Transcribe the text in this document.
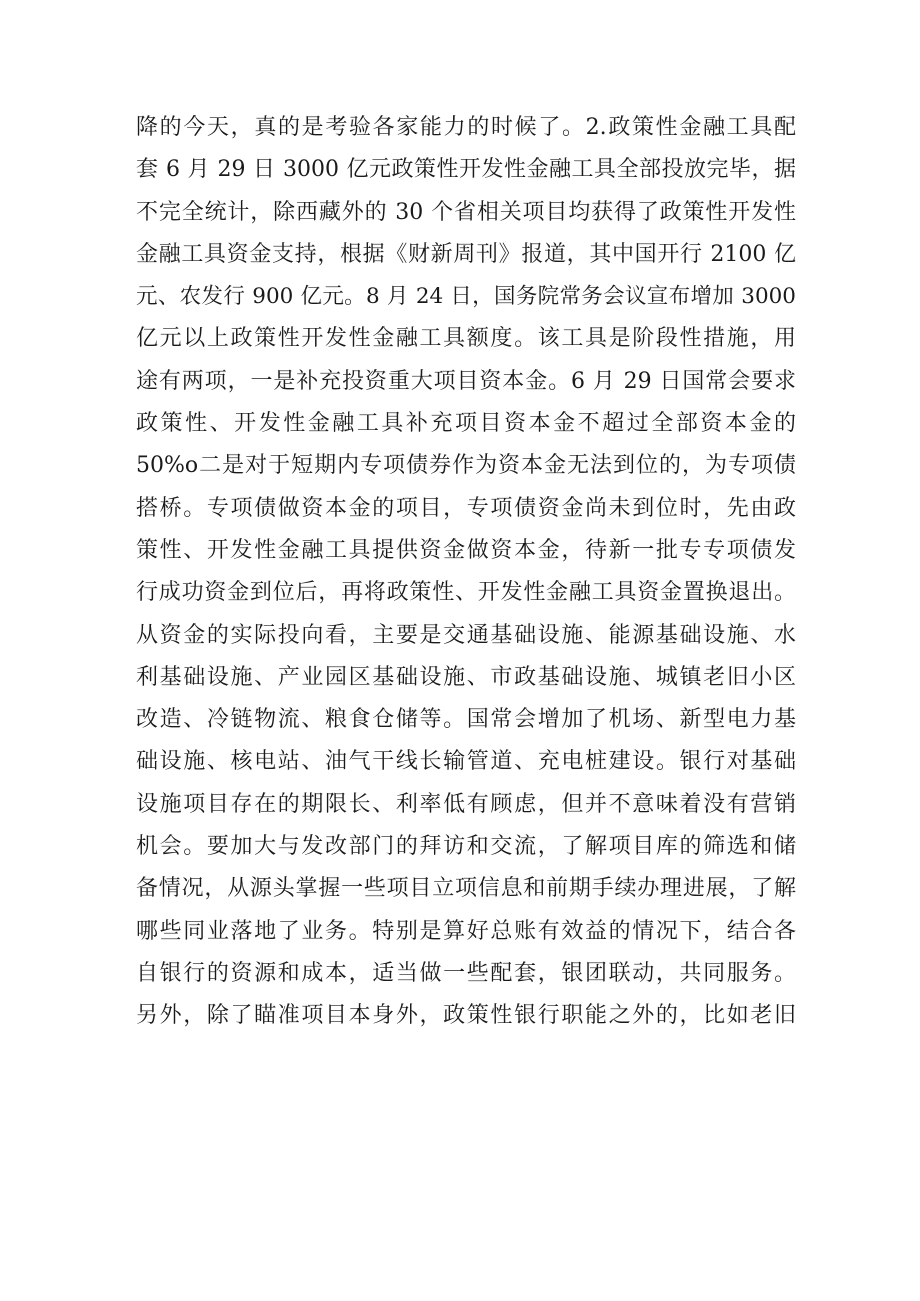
降的今天，真的是考验各家能力的时候了。2.政策性金融工具配
套 6 月 29 日 3000 亿元政策性开发性金融工具全部投放完毕，据
不完全统计，除西藏外的 30 个省相关项目均获得了政策性开发性
金融工具资金支持，根据《财新周刊》报道，其中国开行 2100 亿
元、农发行 900 亿元。8 月 24 日，国务院常务会议宣布增加 3000
亿元以上政策性开发性金融工具额度。该工具是阶段性措施，用
途有两项，一是补充投资重大项目资本金。6 月 29 日国常会要求
政策性、开发性金融工具补充项目资本金不超过全部资本金的
50%o二是对于短期内专项债券作为资本金无法到位的，为专项债
搭桥。专项债做资本金的项目，专项债资金尚未到位时，先由政
策性、开发性金融工具提供资金做资本金，待新一批专专项债发
行成功资金到位后，再将政策性、开发性金融工具资金置换退出。
从资金的实际投向看，主要是交通基础设施、能源基础设施、水
利基础设施、产业园区基础设施、市政基础设施、城镇老旧小区
改造、冷链物流、粮食仓储等。国常会增加了机场、新型电力基
础设施、核电站、油气干线长输管道、充电桩建设。银行对基础
设施项目存在的期限长、利率低有顾虑，但并不意味着没有营销
机会。要加大与发改部门的拜访和交流，了解项目库的筛选和储
备情况，从源头掌握一些项目立项信息和前期手续办理进展，了解
哪些同业落地了业务。特别是算好总账有效益的情况下，结合各
自银行的资源和成本，适当做一些配套，银团联动，共同服务。
另外，除了瞄准项目本身外，政策性银行职能之外的，比如老旧
